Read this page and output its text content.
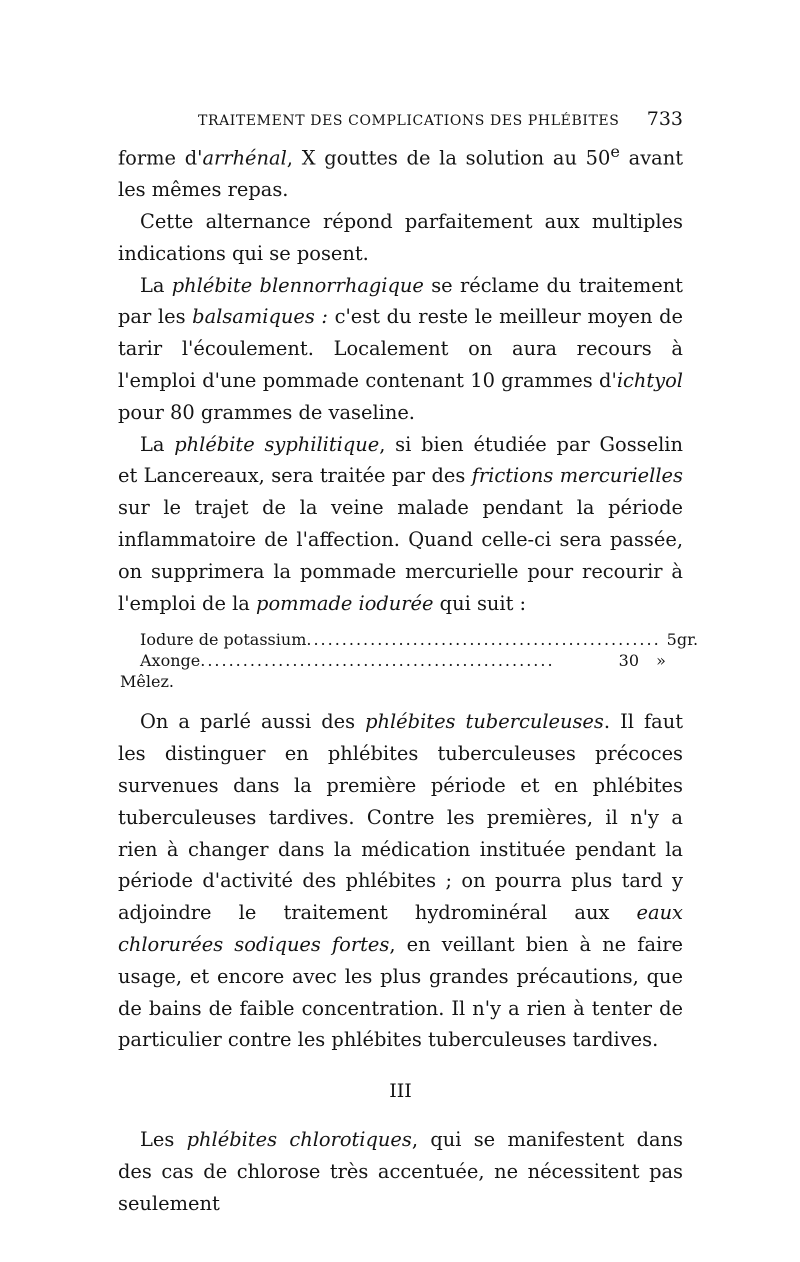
TRAITEMENT DES COMPLICATIONS DES PHLÉBITES 733

forme d'arrhénal, X gouttes de la solution au 50e avant les mêmes repas.

Cette alternance répond parfaitement aux multiples indications qui se posent.

La phlébite blennorrhagique se réclame du traitement par les balsamiques : c'est du reste le meilleur moyen de tarir l'écoulement. Localement on aura recours à l'emploi d'une pommade contenant 10 grammes d'ichtyol pour 80 grammes de vaseline.

La phlébite syphilitique, si bien étudiée par Gosselin et Lancereaux, sera traitée par des frictions mercurielles sur le trajet de la veine malade pendant la période inflammatoire de l'affection. Quand celle-ci sera passée, on supprimera la pommade mercurielle pour recourir à l'emploi de la pommade iodurée qui suit :

Iodure de potassium .................................................. 5 gr.
Axonge ..................................................	30	»
Mêlez.

On a parlé aussi des phlébites tuberculeuses. Il faut les distinguer en phlébites tuberculeuses précoces survenues dans la première période et en phlébites tuberculeuses tardives. Contre les premières, il n'y a rien à changer dans la médication instituée pendant la période d'activité des phlébites ; on pourra plus tard y adjoindre le traitement hydrominéral aux eaux chlorurées sodiques fortes, en veillant bien à ne faire usage, et encore avec les plus grandes précautions, que de bains de faible concentration. Il n'y a rien à tenter de particulier contre les phlébites tuberculeuses tardives.

III

Les phlébites chlorotiques, qui se manifestent dans des cas de chlorose très accentuée, ne nécessitent pas seulement
